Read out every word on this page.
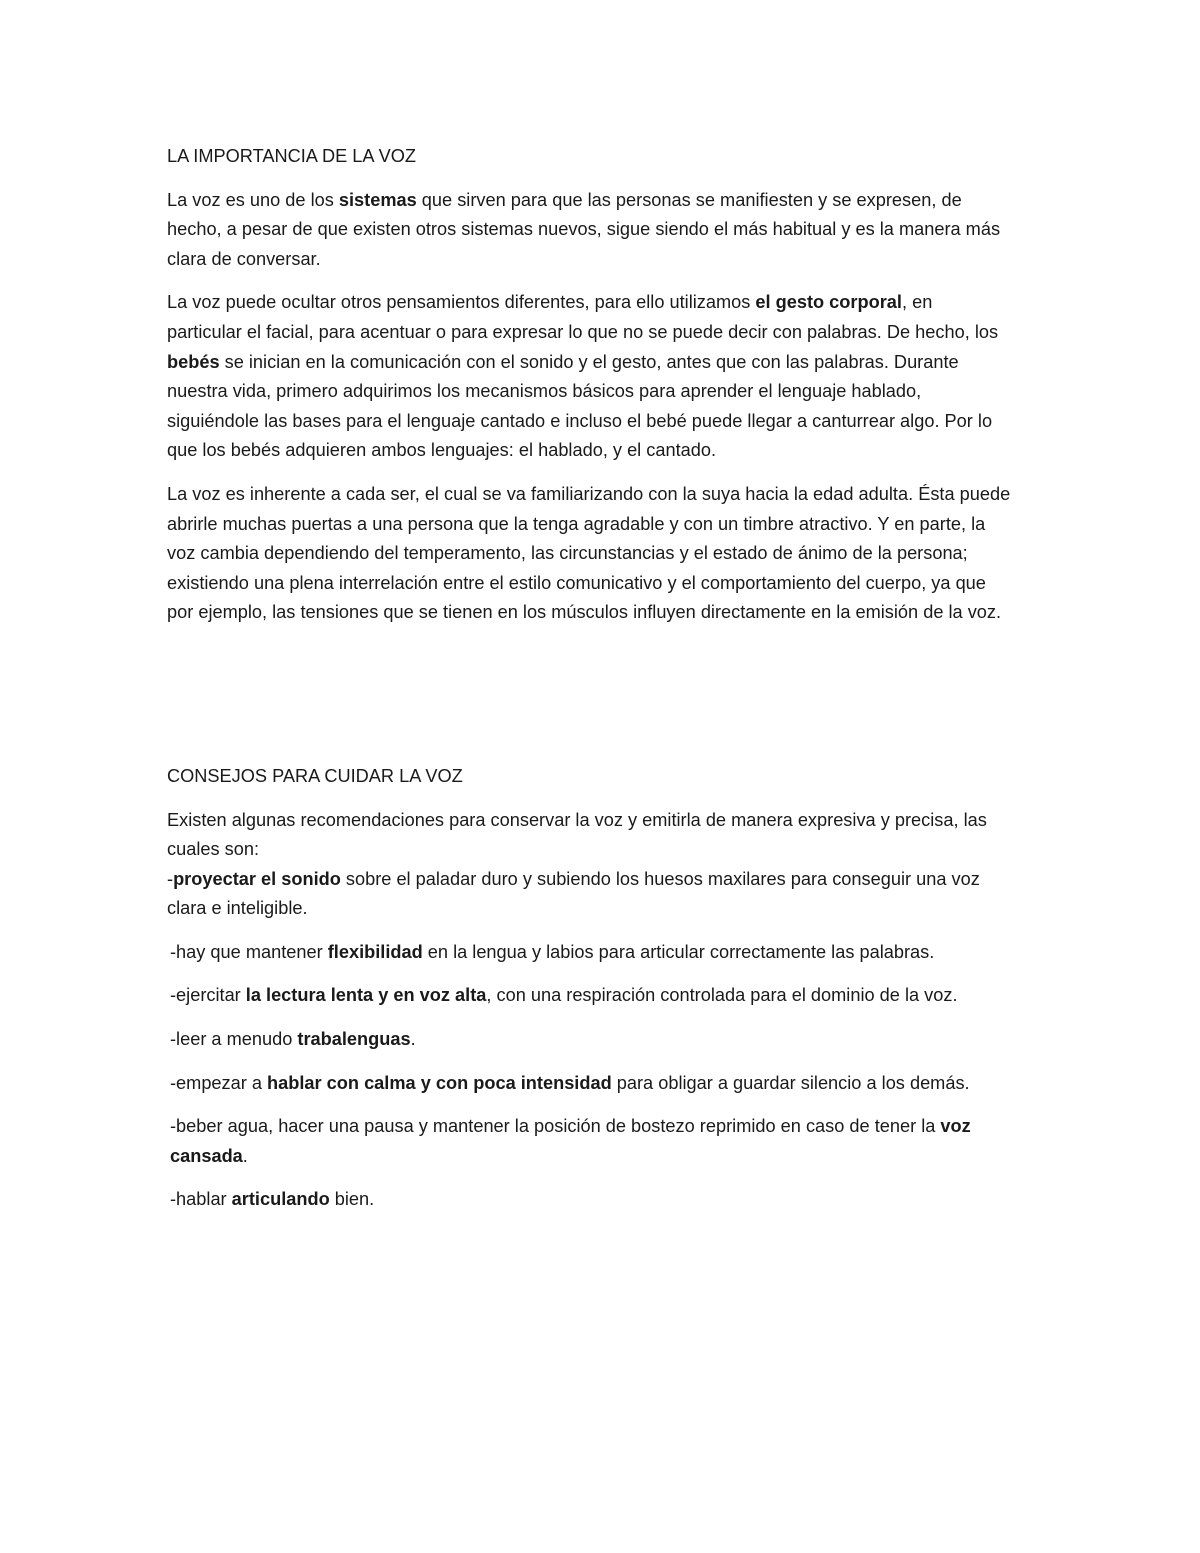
LA IMPORTANCIA DE LA VOZ

La voz es uno de los sistemas que sirven para que las personas se manifiesten y se expresen, de hecho, a pesar de que existen otros sistemas nuevos, sigue siendo el más habitual y es la manera más clara de conversar.

La voz puede ocultar otros pensamientos diferentes, para ello utilizamos el gesto corporal, en particular el facial, para acentuar o para expresar lo que no se puede decir con palabras. De hecho, los bebés se inician en la comunicación con el sonido y el gesto, antes que con las palabras. Durante nuestra vida, primero adquirimos los mecanismos básicos para aprender el lenguaje hablado, siguiéndole las bases para el lenguaje cantado e incluso el bebé puede llegar a canturrear algo. Por lo que los bebés adquieren ambos lenguajes: el hablado, y el cantado.

La voz es inherente a cada ser, el cual se va familiarizando con la suya hacia la edad adulta. Ésta puede abrirle muchas puertas a una persona que la tenga agradable y con un timbre atractivo. Y en parte, la voz cambia dependiendo del temperamento, las circunstancias y el estado de ánimo de la persona; existiendo una plena interrelación entre el estilo comunicativo y el comportamiento del cuerpo, ya que por ejemplo, las tensiones que se tienen en los músculos influyen directamente en la emisión de la voz.

CONSEJOS PARA CUIDAR LA VOZ

Existen algunas recomendaciones para conservar la voz y emitirla de manera expresiva y precisa, las cuales son:

-proyectar el sonido sobre el paladar duro y subiendo los huesos maxilares para conseguir una voz clara e inteligible.

-hay que mantener flexibilidad en la lengua y labios para articular correctamente las palabras.

-ejercitar la lectura lenta y en voz alta, con una respiración controlada para el dominio de la voz.

-leer a menudo trabalenguas.

-empezar a hablar con calma y con poca intensidad para obligar a guardar silencio a los demás.

-beber agua, hacer una pausa y mantener la posición de bostezo reprimido en caso de tener la voz cansada.

-hablar articulando bien.
